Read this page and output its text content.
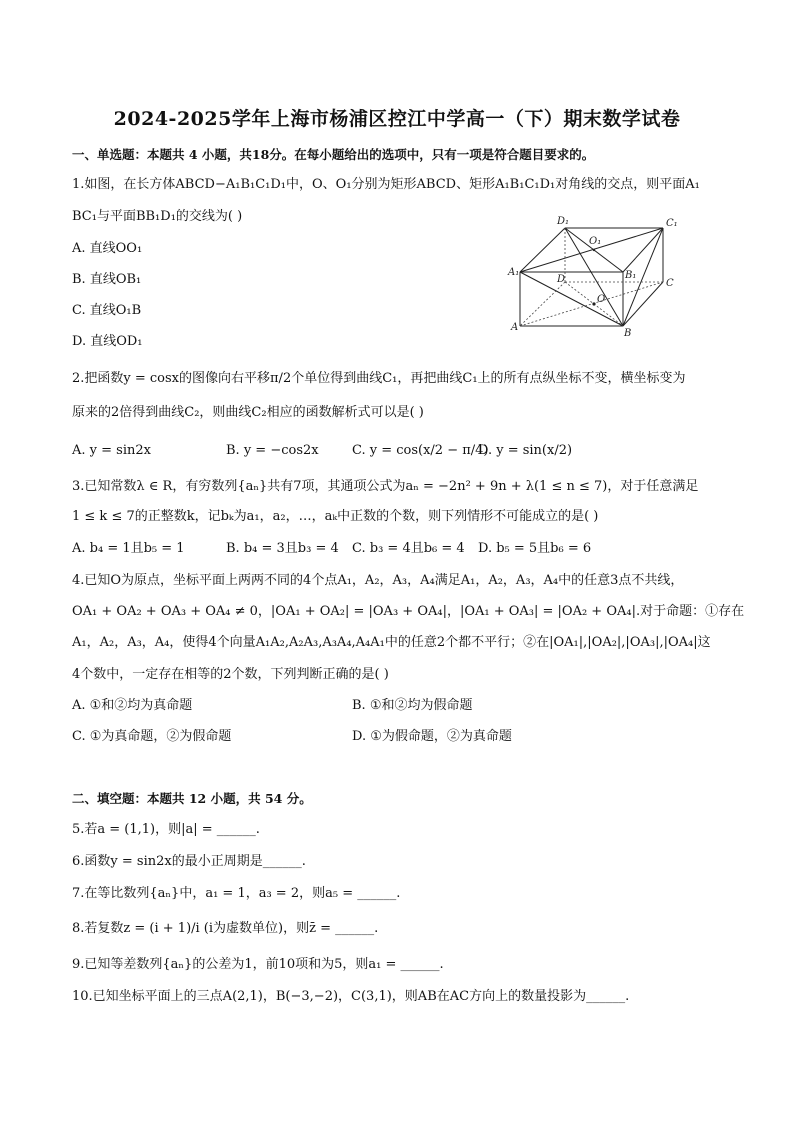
2024-2025学年上海市杨浦区控江中学高一（下）期末数学试卷
一、单选题：本题共 4 小题，共18分。在每小题给出的选项中，只有一项是符合题目要求的。
1.如图，在长方体ABCD−A₁B₁C₁D₁中，O、O₁分别为矩形ABCD、矩形A₁B₁C₁D₁对角线的交点，则平面A₁
BC₁与平面BB₁D₁的交线为( )
A. 直线OO₁
B. 直线OB₁
C. 直线O₁B
D. 直线OD₁
D₁	C₁
O₁
A₁	B₁
D	C
O
A
B
2.把函数y = cosx的图像向右平移π/2个单位得到曲线C₁，再把曲线C₁上的所有点纵坐标不变，横坐标变为
原来的2倍得到曲线C₂，则曲线C₂相应的函数解析式可以是( )
A. y = sin2x	B. y = −cos2x	C. y = cos(x/2 − π/4)
D. y = sin(x/2)
3.已知常数λ ∈ R，有穷数列{aₙ}共有7项，其通项公式为aₙ = −2n² + 9n + λ(1 ≤ n ≤ 7)，对于任意满足
1 ≤ k ≤ 7的正整数k，记bₖ为a₁，a₂，…，aₖ中正数的个数，则下列情形不可能成立的是( )
A. b₄ = 1且b₅ = 1	B. b₄ = 3且b₃ = 4 C. b₃ = 4且b₆ = 4 D. b₅ = 5且b₆ = 6
4.已知O为原点，坐标平面上两两不同的4个点A₁，A₂，A₃，A₄满足A₁，A₂，A₃，A₄中的任意3点不共线，
OA₁ + OA₂ + OA₃ + OA₄ ≠ 0，|OA₁ + OA₂| = |OA₃ + OA₄|，|OA₁ + OA₃| = |OA₂ + OA₄|.对于命题：①存在
A₁，A₂，A₃，A₄，使得4个向量A₁A₂,A₂A₃,A₃A₄,A₄A₁中的任意2个都不平行；②在|OA₁|,|OA₂|,|OA₃|,|OA₄|这
4个数中，一定存在相等的2个数，下列判断正确的是( )
A. ①和②均为真命题	B. ①和②均为假命题
C. ①为真命题，②为假命题	D. ①为假命题，②为真命题
二、填空题：本题共 12 小题，共 54 分。
5.若a = (1,1)，则|a| = ______.
6.函数y = sin2x的最小正周期是______.
7.在等比数列{aₙ}中，a₁ = 1，a₃ = 2，则a₅ = ______.
8.若复数z = (i + 1)/i (i为虚数单位)，则z̄ = ______.
9.已知等差数列{aₙ}的公差为1，前10项和为5，则a₁ = ______.
10.已知坐标平面上的三点A(2,1)，B(−3,−2)，C(3,1)，则AB在AC方向上的数量投影为______.
